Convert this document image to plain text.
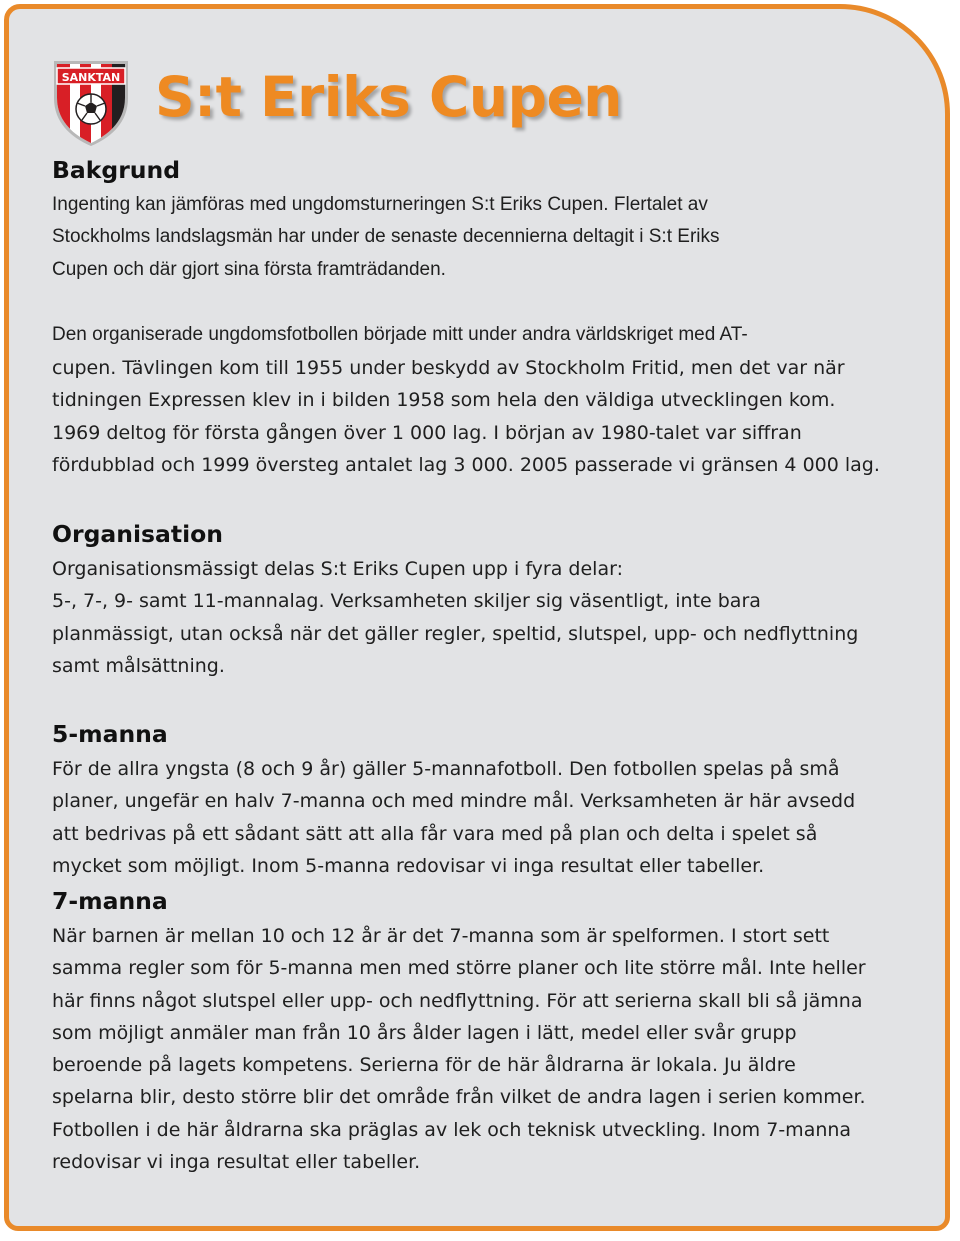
SANKTAN S:t Eriks Cupen
Bakgrund

Ingenting kan jämföras med ungdomsturneringen S:t Eriks Cupen. Flertalet av
Stockholms landslagsmän har under de senaste decennierna deltagit i S:t Eriks
Cupen och där gjort sina första framträdanden.

Den organiserade ungdomsfotbollen började mitt under andra världskriget med AT-

cupen. Tävlingen kom till 1955 under beskydd av Stockholm Fritid, men det var när
tidningen Expressen klev in i bilden 1958 som hela den väldiga utvecklingen kom.
1969 deltog för första gången över 1 000 lag. I början av 1980-talet var siffran
fördubblad och 1999 översteg antalet lag 3 000. 2005 passerade vi gränsen 4 000 lag.

Organisation

Organisationsmässigt delas S:t Eriks Cupen upp i fyra delar:
5-, 7-, 9- samt 11-mannalag. Verksamheten skiljer sig väsentligt, inte bara
planmässigt, utan också när det gäller regler, speltid, slutspel, upp- och nedflyttning
samt målsättning.

5-manna

För de allra yngsta (8 och 9 år) gäller 5-mannafotboll. Den fotbollen spelas på små
planer, ungefär en halv 7-manna och med mindre mål. Verksamheten är här avsedd
att bedrivas på ett sådant sätt att alla får vara med på plan och delta i spelet så
mycket som möjligt. Inom 5-manna redovisar vi inga resultat eller tabeller.

7-manna

När barnen är mellan 10 och 12 år är det 7-manna som är spelformen. I stort sett
samma regler som för 5-manna men med större planer och lite större mål. Inte heller
här finns något slutspel eller upp- och nedflyttning. För att serierna skall bli så jämna
som möjligt anmäler man från 10 års ålder lagen i lätt, medel eller svår grupp
beroende på lagets kompetens. Serierna för de här åldrarna är lokala. Ju äldre
spelarna blir, desto större blir det område från vilket de andra lagen i serien kommer.
Fotbollen i de här åldrarna ska präglas av lek och teknisk utveckling. Inom 7-manna
redovisar vi inga resultat eller tabeller.
